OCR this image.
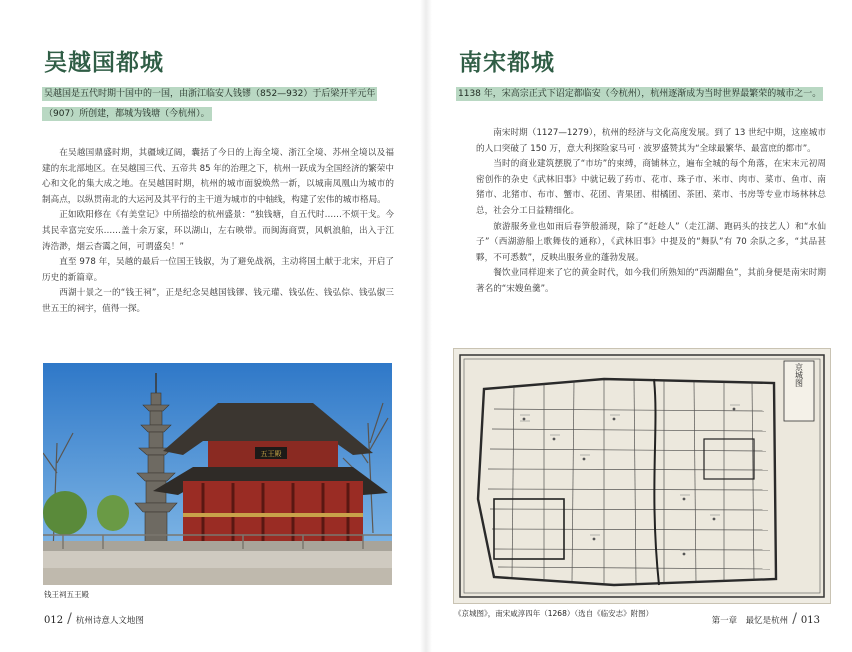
吴越国都城
吴越国是五代时期十国中的一国，由浙江临安人钱镠（852—932）于后梁开平元年（907）所创建，都城为钱塘（今杭州）。

在吴越国鼎盛时期，其疆域辽阔，囊括了今日的上海全境、浙江全境、苏州全境以及福建的东北部地区。在吴越国三代、五帝共 85 年的治理之下，杭州一跃成为全国经济的繁荣中心和文化的集大成之地。在吴越国时期，杭州的城市面貌焕然一新，以城南凤凰山为城市的制高点，以纵贯南北的大运河及其平行的主干道为城市的中轴线，构建了宏伟的城市格局。

正如欧阳修在《有美堂记》中所描绘的杭州盛景：“独钱塘，自五代时……不烦干戈。今其民幸富完安乐……盖十余万家，环以湖山，左右映带。而闽海商贾，风帆浪舶，出入于江涛浩渺，烟云杳霭之间，可谓盛矣！”

直至 978 年，吴越的最后一位国王钱俶，为了避免战祸，主动将国土献于北宋，开启了历史的新篇章。

西湖十景之一的“钱王祠”，正是纪念吴越国钱镠、钱元瓘、钱弘佐、钱弘倧、钱弘俶三世五王的祠宇，值得一探。

五王殿
钱王祠五王殿
012 / 杭州诗意人文地图
南宋都城
1138 年，宋高宗正式下诏定都临安（今杭州），杭州逐渐成为当时世界最繁荣的城市之一。

南宋时期（1127—1279），杭州的经济与文化高度发展。到了 13 世纪中期，这座城市的人口突破了 150 万，意大利探险家马可 · 波罗盛赞其为“全球最繁华、最富庶的都市”。

当时的商业建筑摆脱了“市坊”的束缚，商铺林立，遍布全城的每个角落，在宋末元初周密创作的杂史《武林旧事》中就记载了药市、花市、珠子市、米市、肉市、菜市、鱼市、南猪市、北猪市、布市、蟹市、花团、青果团、柑橘团、茶团、菜市、书房等专业市场林林总总，社会分工日益精细化。

旅游服务业也如雨后春笋般涌现，除了“赶趁人”（走江湖、跑码头的技艺人）和“水仙子”（西湖游船上歌舞伎的通称），《武林旧事》中提及的“舞队”有 70 余队之多，“其品甚夥，不可悉数”，反映出服务业的蓬勃发展。

餐饮业同样迎来了它的黄金时代，如今我们所熟知的“西湖醋鱼”，其前身便是南宋时期著名的“宋嫂鱼羹”。

京城图
《京城图》，南宋咸淳四年（1268）（选自《临安志》附图）
第一章　最忆是杭州 / 013
